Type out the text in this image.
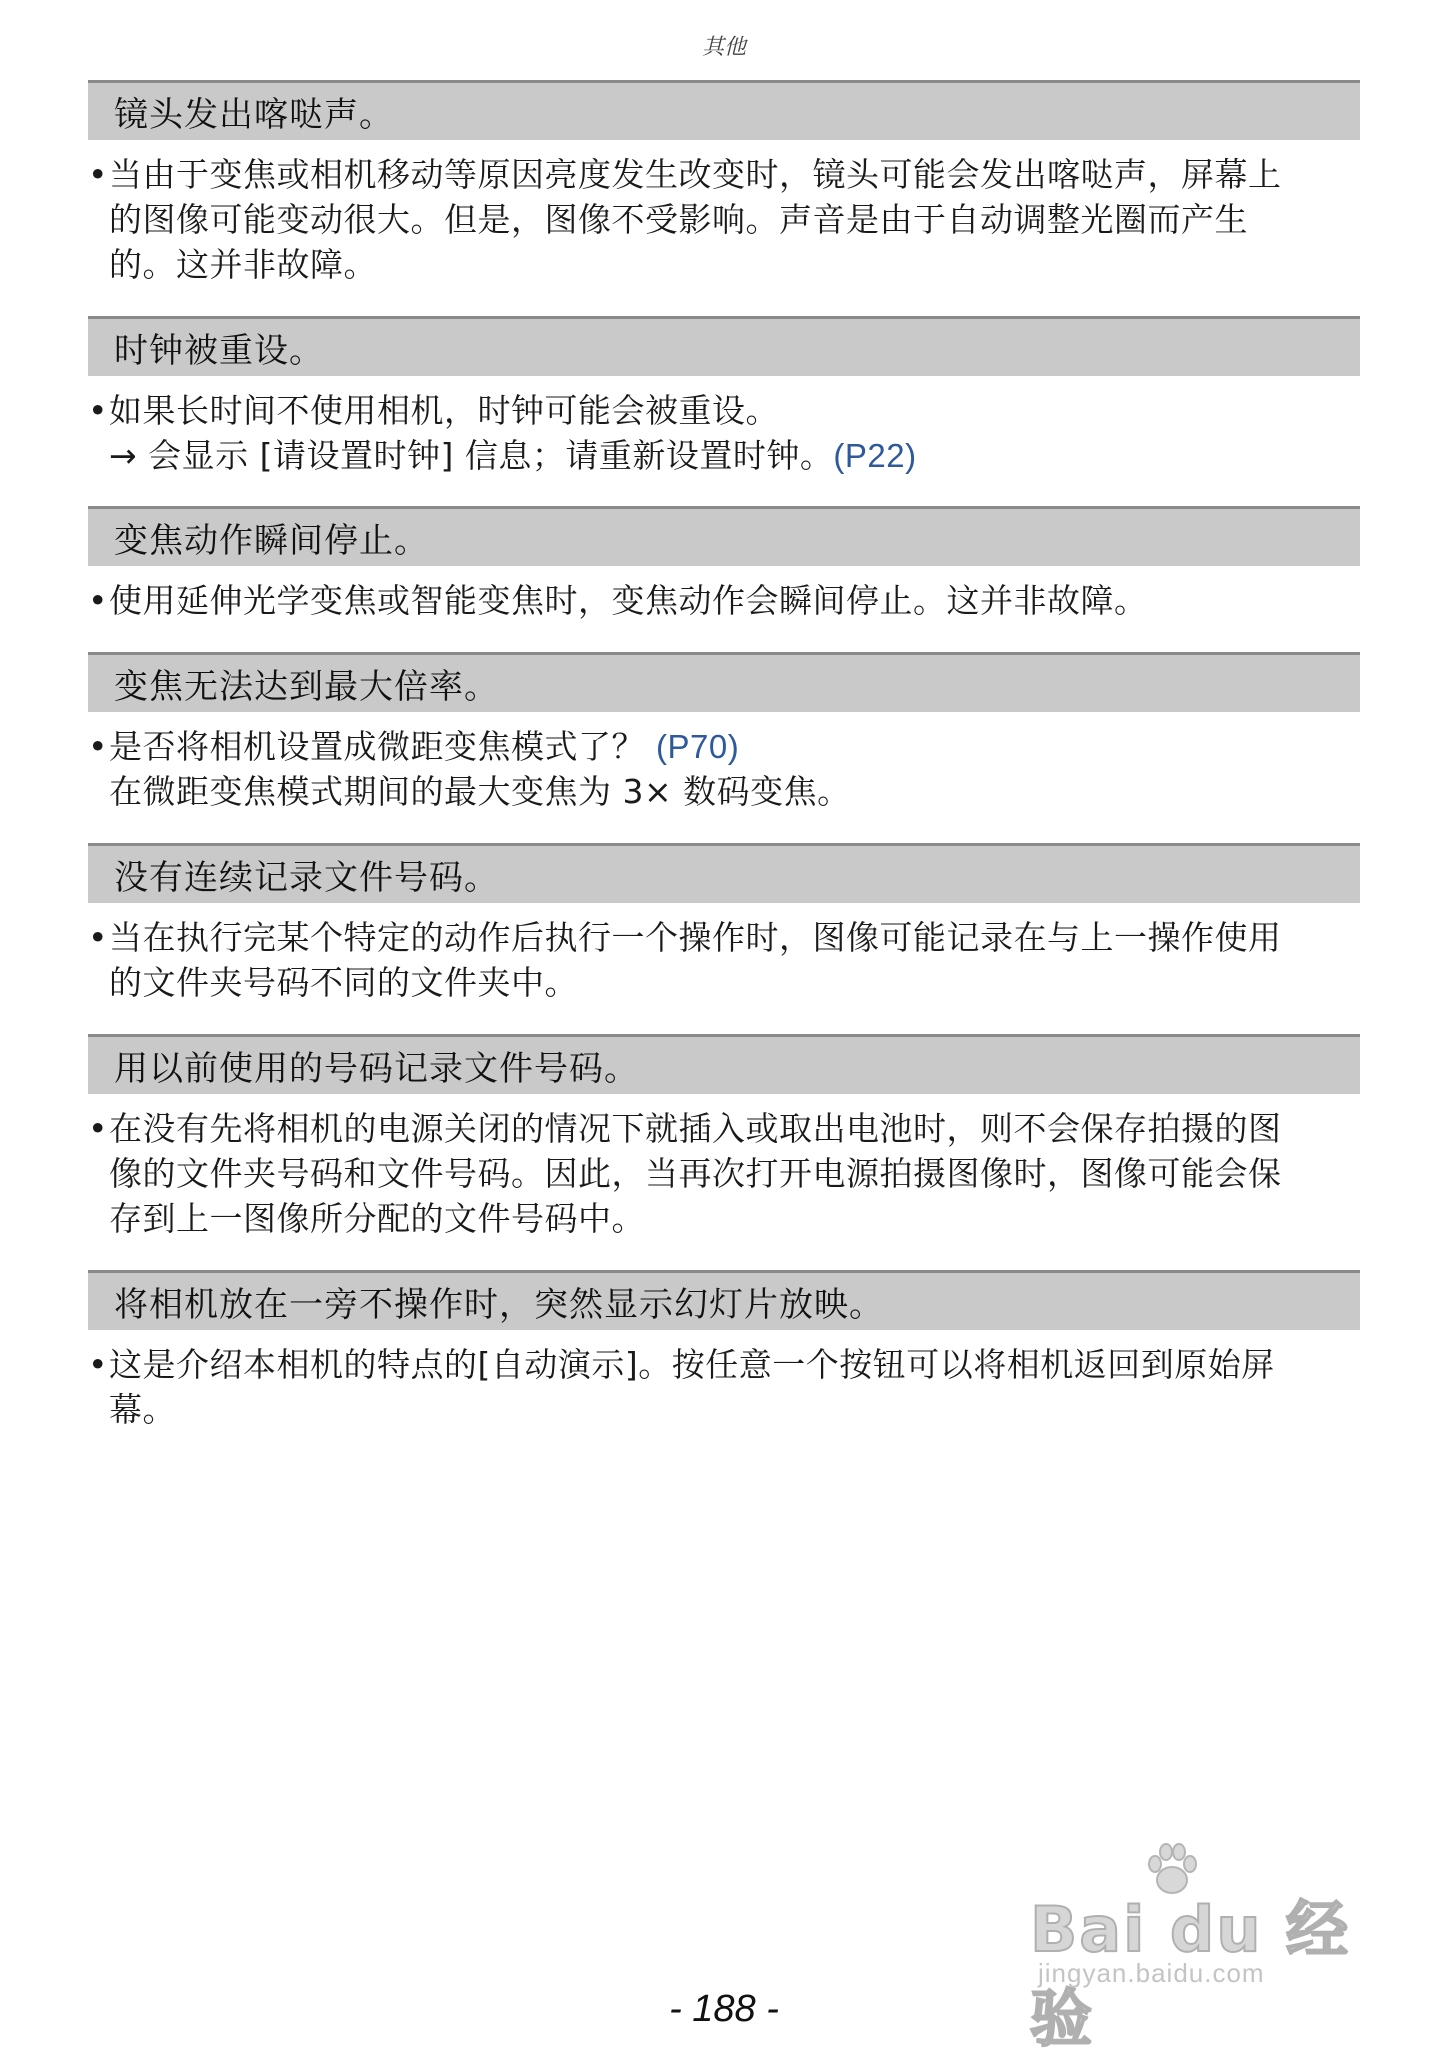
其他
镜头发出喀哒声。
• 当由于变焦或相机移动等原因亮度发生改变时，镜头可能会发出喀哒声，屏幕上
的图像可能变动很大。但是，图像不受影响。声音是由于自动调整光圈而产生
的。这并非故障。
时钟被重设。
• 如果长时间不使用相机，时钟可能会被重设。
→ 会显示 [请设置时钟] 信息；请重新设置时钟。(P22)
变焦动作瞬间停止。
• 使用延伸光学变焦或智能变焦时，变焦动作会瞬间停止。这并非故障。
变焦无法达到最大倍率。
• 是否将相机设置成微距变焦模式了？ (P70)
在微距变焦模式期间的最大变焦为 3× 数码变焦。
没有连续记录文件号码。
• 当在执行完某个特定的动作后执行一个操作时，图像可能记录在与上一操作使用
的文件夹号码不同的文件夹中。
用以前使用的号码记录文件号码。
• 在没有先将相机的电源关闭的情况下就插入或取出电池时，则不会保存拍摄的图
像的文件夹号码和文件号码。因此，当再次打开电源拍摄图像时，图像可能会保
存到上一图像所分配的文件号码中。
将相机放在一旁不操作时，突然显示幻灯片放映。
• 这是介绍本相机的特点的[自动演示]。按任意一个按钮可以将相机返回到原始屏
幕。
Bai du 经验
jingyan.baidu.com
- 188 -
